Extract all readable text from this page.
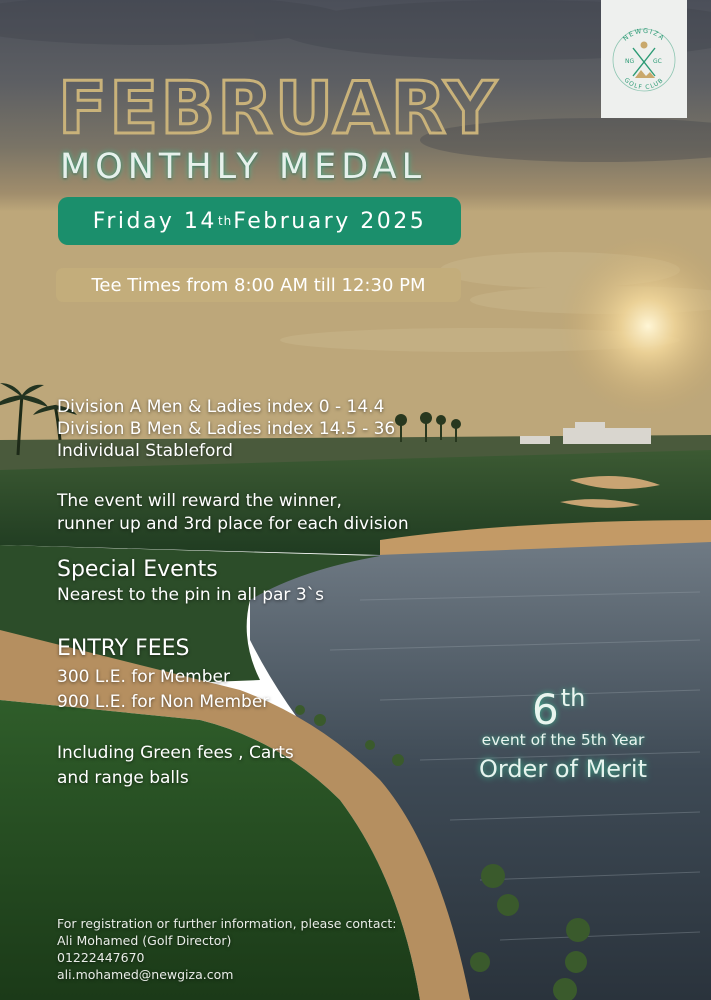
NEWGIZA
GOLF CLUB
NG	GC
FEBRUARY
MONTHLY MEDAL
Friday 14 th February 2025
Tee Times from 8:00 AM till 12:30 PM
Division A Men & Ladies index 0 - 14.4
Division B Men & Ladies index 14.5 - 36
Individual Stableford
The event will reward the winner,
runner up and 3rd place for each division
Special Events
Nearest to the pin in all par 3`s
ENTRY FEES
300 L.E. for Member
900 L.E. for Non Member
Including Green fees , Carts
and range balls
6th
event of the 5th Year
Order of Merit
For registration or further information, please contact:
Ali Mohamed (Golf Director)
01222447670
ali.mohamed@newgiza.com
